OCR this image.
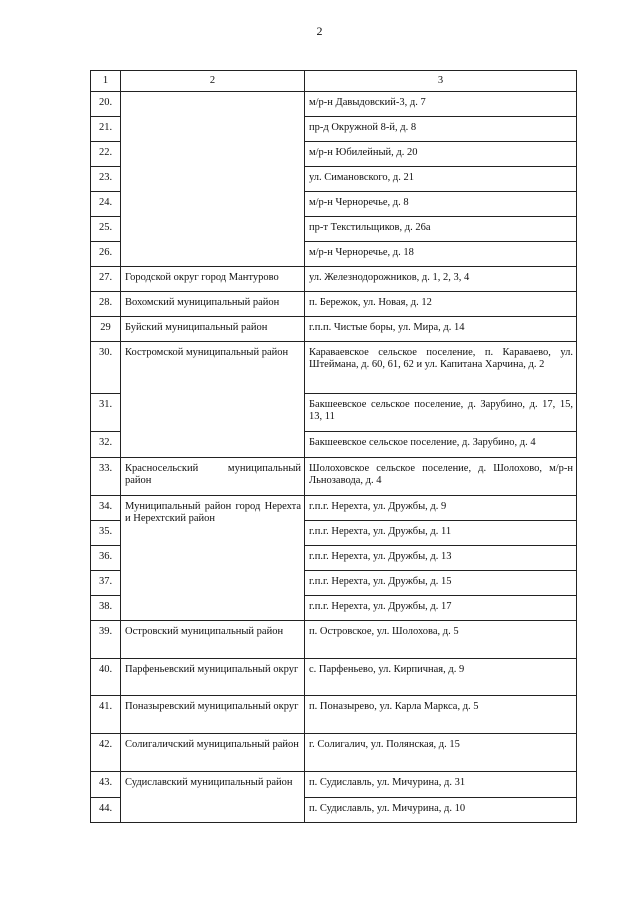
2
1	2	3
20.		м/р-н Давыдовский-3, д. 7
21.		пр-д Окружной 8-й, д. 8
22.		м/р-н Юбилейный, д. 20
23.		ул. Симановского, д. 21
24.		м/р-н Черноречье, д. 8
25.		пр-т Текстильщиков, д. 26а
26.		м/р-н Черноречье, д. 18
27.	Городской округ город Мантурово	ул. Железнодорожников, д. 1, 2, 3, 4
28.	Вохомский муниципальный район	п. Бережок, ул. Новая, д. 12
29	Буйский муниципальный район	г.п.п. Чистые боры, ул. Мира, д. 14
30.	Костромской муниципальный район	Караваевское сельское поселение, п. Караваево, ул. Штеймана, д. 60, 61, 62 и ул. Капитана Харчина, д. 2
31.		Бакшеевское сельское поселение, д. Зарубино, д. 17, 15, 13, 11
32.		Бакшеевское сельское поселение, д. Зарубино, д. 4
33.	Красносельский муниципальный район	Шолоховское сельское поселение, д. Шолохово, м/р-н Льнозавода, д. 4
34.	Муниципальный район город Нерехта и Нерехтский район	г.п.г. Нерехта, ул. Дружбы, д. 9
35.		г.п.г. Нерехта, ул. Дружбы, д. 11
36.		г.п.г. Нерехта, ул. Дружбы, д. 13
37.		г.п.г. Нерехта, ул. Дружбы, д. 15
38.		г.п.г. Нерехта, ул. Дружбы, д. 17
39.	Островский муниципальный район	п. Островское, ул. Шолохова, д. 5
40.	Парфеньевский муниципальный округ	с. Парфеньево, ул. Кирпичная, д. 9
41.	Поназыревский муниципальный округ	п. Поназырево, ул. Карла Маркса, д. 5
42.	Солигаличский муниципальный район	г. Солигалич, ул. Полянская, д. 15
43.	Судиславский муниципальный район	п. Судиславль, ул. Мичурина, д. 31
44.		п. Судиславль, ул. Мичурина, д. 10
